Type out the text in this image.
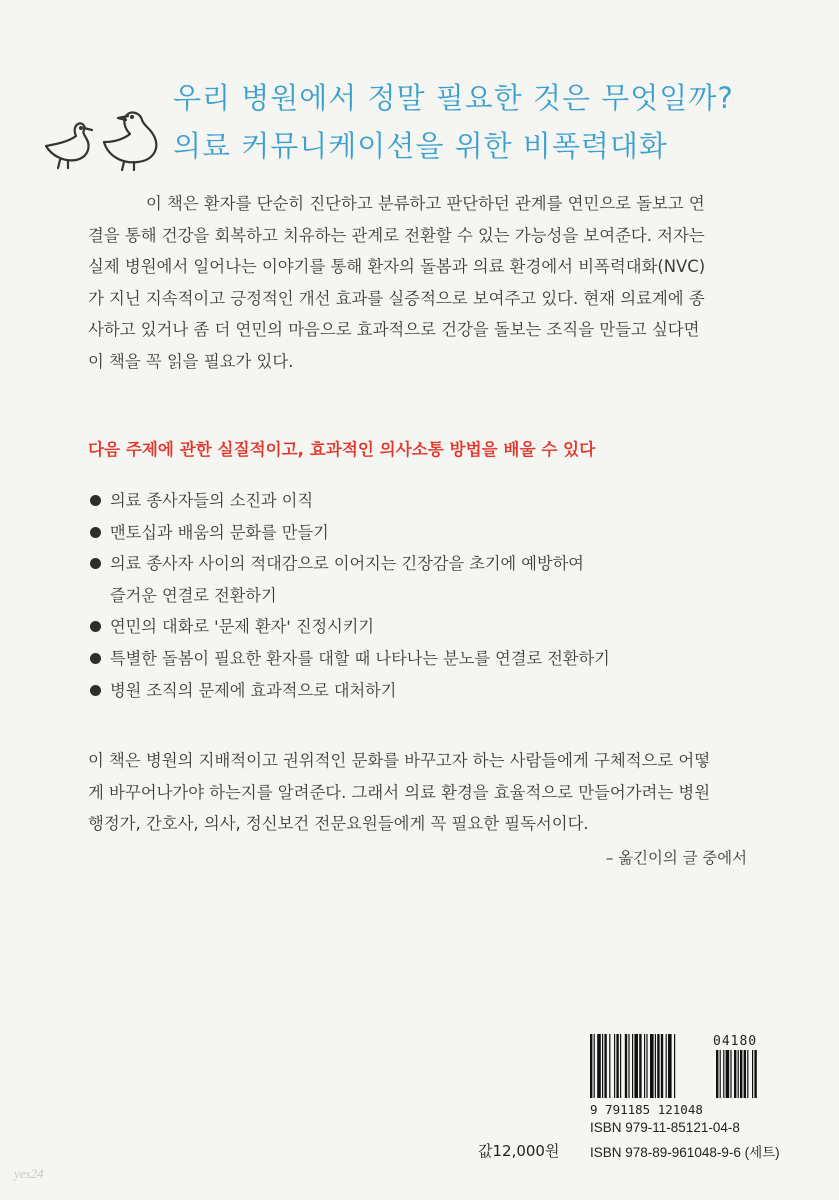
우리 병원에서 정말 필요한 것은 무엇일까?
의료 커뮤니케이션을 위한 비폭력대화
이 책은 환자를 단순히 진단하고 분류하고 판단하던 관계를 연민으로 돌보고 연
결을 통해 건강을 회복하고 치유하는 관계로 전환할 수 있는 가능성을 보여준다. 저자는
실제 병원에서 일어나는 이야기를 통해 환자의 돌봄과 의료 환경에서 비폭력대화(NVC)
가 지닌 지속적이고 긍정적인 개선 효과를 실증적으로 보여주고 있다. 현재 의료계에 종
사하고 있거나 좀 더 연민의 마음으로 효과적으로 건강을 돌보는 조직을 만들고 싶다면
이 책을 꼭 읽을 필요가 있다.
다음 주제에 관한 실질적이고, 효과적인 의사소통 방법을 배울 수 있다
의료 종사자들의 소진과 이직
맨토십과 배움의 문화를 만들기
의료 종사자 사이의 적대감으로 이어지는 긴장감을 초기에 예방하여
즐거운 연결로 전환하기
연민의 대화로 '문제 환자' 진정시키기
특별한 돌봄이 필요한 환자를 대할 때 나타나는 분노를 연결로 전환하기
병원 조직의 문제에 효과적으로 대처하기
이 책은 병원의 지배적이고 권위적인 문화를 바꾸고자 하는 사람들에게 구체적으로 어떻
게 바꾸어나가야 하는지를 알려준다. 그래서 의료 환경을 효율적으로 만들어가려는 병원
행정가, 간호사, 의사, 정신보건 전문요원들에게 꼭 필요한 필독서이다.
– 옮긴이의 글 중에서
04180
9 791185 121048
ISBN 979-11-85121-04-8
ISBN 978-89-961048-9-6 (세트)
값12,000원
yes24
